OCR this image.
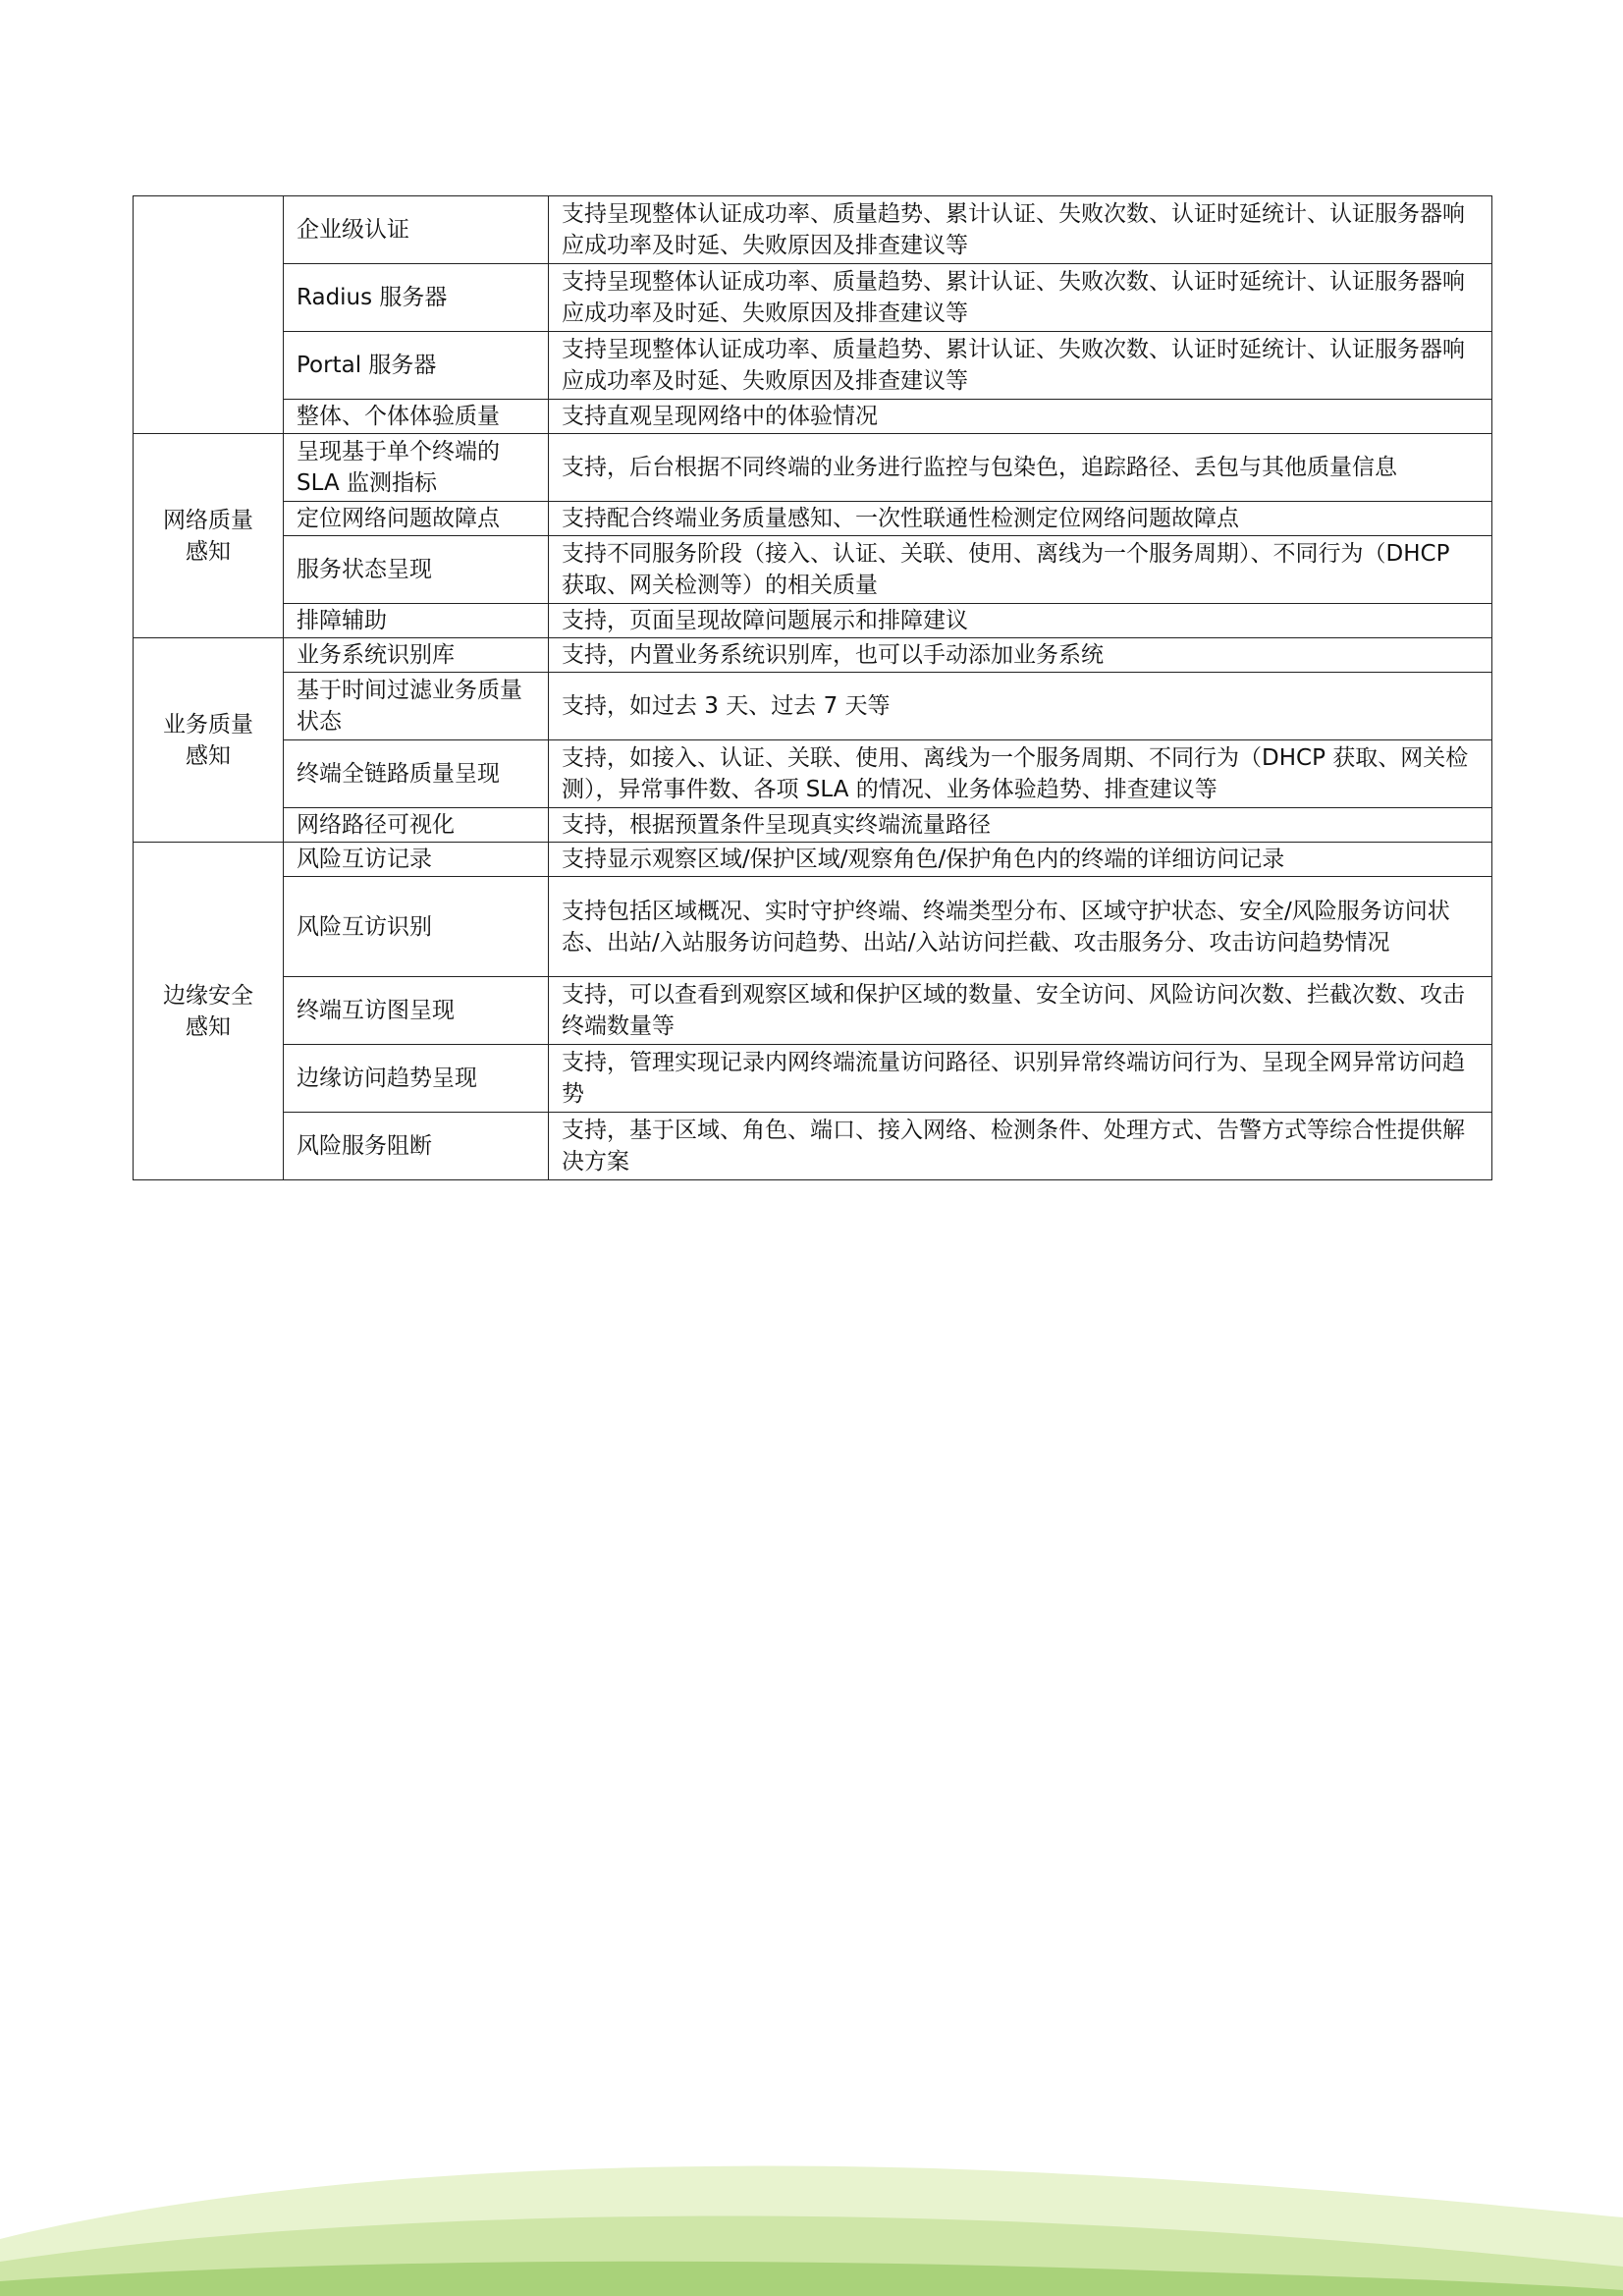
	企业级认证	支持呈现整体认证成功率、质量趋势、累计认证、失败次数、认证时延统计、认证服务器响应成功率及时延、失败原因及排查建议等
	Radius 服务器	支持呈现整体认证成功率、质量趋势、累计认证、失败次数、认证时延统计、认证服务器响应成功率及时延、失败原因及排查建议等
	Portal 服务器	支持呈现整体认证成功率、质量趋势、累计认证、失败次数、认证时延统计、认证服务器响应成功率及时延、失败原因及排查建议等
	整体、个体体验质量	支持直观呈现网络中的体验情况
网络质量感知	呈现基于单个终端的 SLA 监测指标	支持，后台根据不同终端的业务进行监控与包染色，追踪路径、丢包与其他质量信息
	定位网络问题故障点	支持配合终端业务质量感知、一次性联通性检测定位网络问题故障点
	服务状态呈现	支持不同服务阶段（接入、认证、关联、使用、离线为一个服务周期）、不同行为（DHCP 获取、网关检测等）的相关质量
	排障辅助	支持，页面呈现故障问题展示和排障建议
业务质量感知	业务系统识别库	支持，内置业务系统识别库，也可以手动添加业务系统
	基于时间过滤业务质量状态	支持，如过去 3 天、过去 7 天等
	终端全链路质量呈现	支持，如接入、认证、关联、使用、离线为一个服务周期、不同行为（DHCP 获取、网关检测），异常事件数、各项 SLA 的情况、业务体验趋势、排查建议等
	网络路径可视化	支持，根据预置条件呈现真实终端流量路径
边缘安全感知	风险互访记录	支持显示观察区域/保护区域/观察角色/保护角色内的终端的详细访问记录
	风险互访识别	支持包括区域概况、实时守护终端、终端类型分布、区域守护状态、安全/风险服务访问状态、出站/入站服务访问趋势、出站/入站访问拦截、攻击服务分、攻击访问趋势情况
	终端互访图呈现	支持，可以查看到观察区域和保护区域的数量、安全访问、风险访问次数、拦截次数、攻击终端数量等
	边缘访问趋势呈现	支持，管理实现记录内网终端流量访问路径、识别异常终端访问行为、呈现全网异常访问趋势
	风险服务阻断	支持，基于区域、角色、端口、接入网络、检测条件、处理方式、告警方式等综合性提供解决方案
